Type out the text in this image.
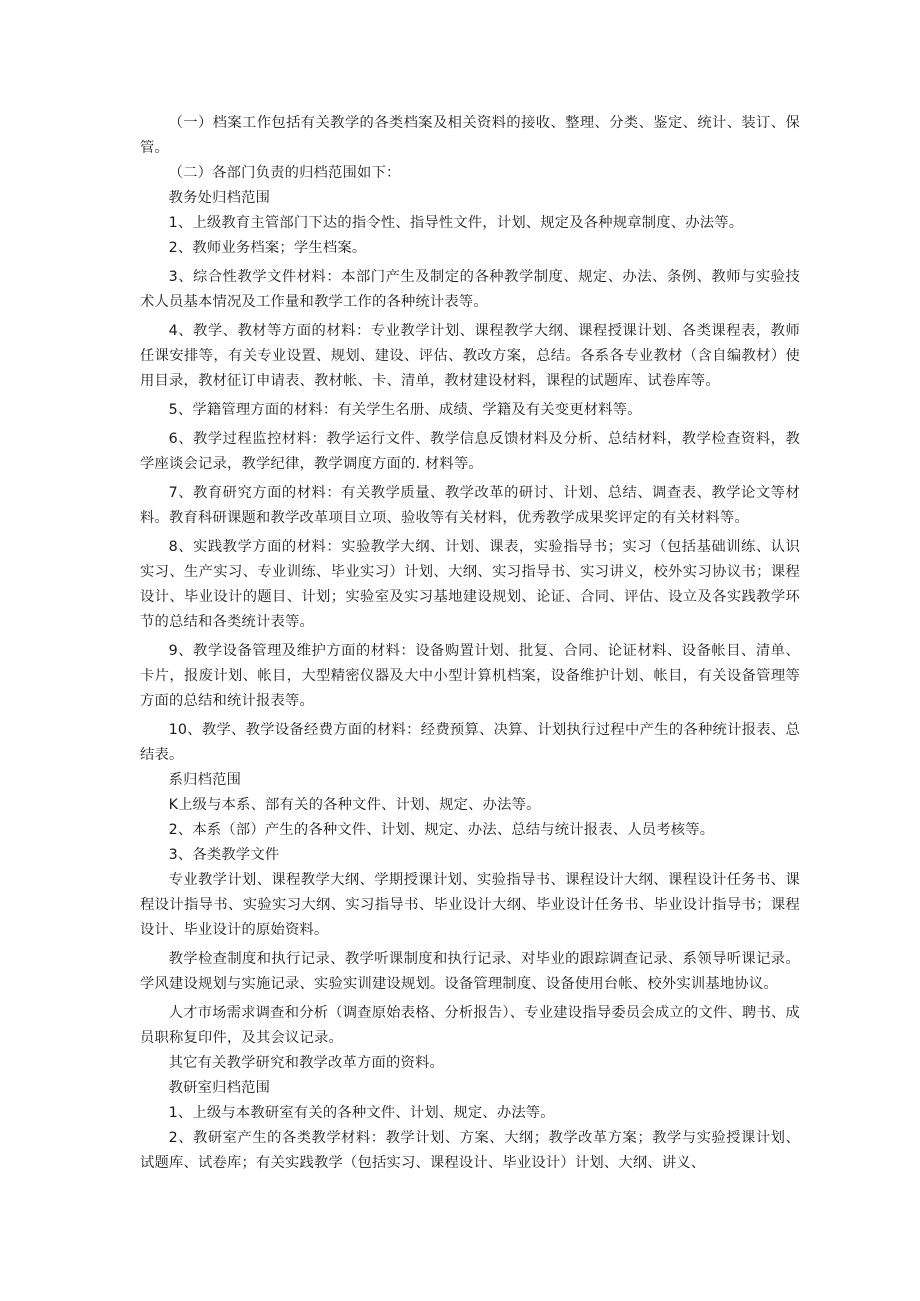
（一）档案工作包括有关教学的各类档案及相关资料的接收、整理、分类、鉴定、统计、装订、保管。

（二）各部门负责的归档范围如下：

教务处归档范围

1、上级教育主管部门下达的指令性、指导性文件，计划、规定及各种规章制度、办法等。

2、教师业务档案；学生档案。

3、综合性教学文件材料：本部门产生及制定的各种教学制度、规定、办法、条例、教师与实验技术人员基本情况及工作量和教学工作的各种统计表等。

4、教学、教材等方面的材料：专业教学计划、课程教学大纲、课程授课计划、各类课程表，教师任课安排等，有关专业设置、规划、建设、评估、教改方案，总结。各系各专业教材（含自编教材）使用目录，教材征订申请表、教材帐、卡、清单，教材建设材料，课程的试题库、试卷库等。

5、学籍管理方面的材料：有关学生名册、成绩、学籍及有关变更材料等。

6、教学过程监控材料：教学运行文件、教学信息反馈材料及分析、总结材料，教学检查资料，教学座谈会记录，教学纪律，教学调度方面的. 材料等。

7、教育研究方面的材料：有关教学质量、教学改革的研讨、计划、总结、调查表、教学论文等材料。教育科研课题和教学改革项目立项、验收等有关材料，优秀教学成果奖评定的有关材料等。

8、实践教学方面的材料：实验教学大纲、计划、课表，实验指导书；实习（包括基础训练、认识实习、生产实习、专业训练、毕业实习）计划、大纲、实习指导书、实习讲义，校外实习协议书；课程设计、毕业设计的题目、计划；实验室及实习基地建设规划、论证、合同、评估、设立及各实践教学环节的总结和各类统计表等。

9、教学设备管理及维护方面的材料：设备购置计划、批复、合同、论证材料、设备帐目、清单、卡片，报废计划、帐目，大型精密仪器及大中小型计算机档案，设备维护计划、帐目，有关设备管理等方面的总结和统计报表等。

10、教学、教学设备经费方面的材料：经费预算、决算、计划执行过程中产生的各种统计报表、总结表。

系归档范围

K上级与本系、部有关的各种文件、计划、规定、办法等。

2、本系（部）产生的各种文件、计划、规定、办法、总结与统计报表、人员考核等。

3、各类教学文件

专业教学计划、课程教学大纲、学期授课计划、实验指导书、课程设计大纲、课程设计任务书、课程设计指导书、实验实习大纲、实习指导书、毕业设计大纲、毕业设计任务书、毕业设计指导书；课程设计、毕业设计的原始资料。

教学检查制度和执行记录、教学听课制度和执行记录、对毕业的跟踪调查记录、系领导听课记录。学风建设规划与实施记录、实验实训建设规划。设备管理制度、设备使用台帐、校外实训基地协议。

人才市场需求调查和分析（调查原始表格、分析报告）、专业建设指导委员会成立的文件、聘书、成员职称复印件，及其会议记录。

其它有关教学研究和教学改革方面的资料。

教研室归档范围

1、上级与本教研室有关的各种文件、计划、规定、办法等。

2、教研室产生的各类教学材料：教学计划、方案、大纲；教学改革方案；教学与实验授课计划、试题库、试卷库；有关实践教学（包括实习、课程设计、毕业设计）计划、大纲、讲义、
